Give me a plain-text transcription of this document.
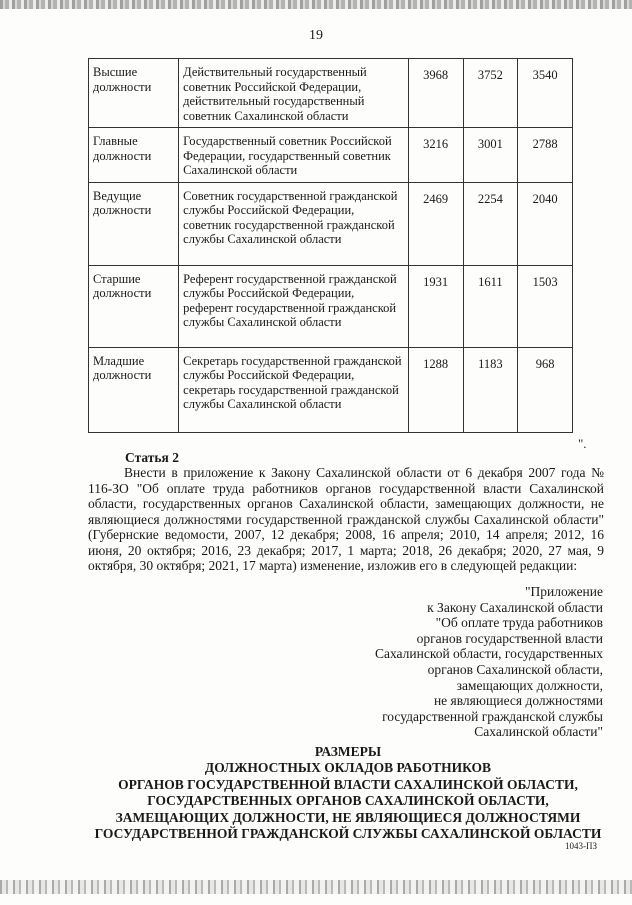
19
Высшие должности	Действительный государственный советник Российской Федерации, действительный государственный советник Сахалинской области	3968	3752	3540
Главные должности	Государственный советник Российской Федерации, государственный советник Сахалинской области	3216	3001	2788
Ведущие должности	Советник государственной гражданской службы Российской Федерации, советник государственной гражданской службы Сахалинской области	2469	2254	2040
Старшие должности	Референт государственной гражданской службы Российской Федерации, референт государственной гражданской службы Сахалинской области	1931	1611	1503
Младшие должности	Секретарь государственной гражданской службы Российской Федерации, секретарь государственной гражданской службы Сахалинской области	1288	1183	968
".
Статья 2

Внести в приложение к Закону Сахалинской области от 6 декабря 2007 года № 116-ЗО "Об оплате труда работников органов государственной власти Сахалинской области, государственных органов Сахалинской области, замещающих должности, не являющиеся должностями государственной гражданской службы Сахалинской области" (Губернские ведомости, 2007, 12 декабря; 2008, 16 апреля; 2010, 14 апреля; 2012, 16 июня, 20 октября; 2016, 23 декабря; 2017, 1 марта; 2018, 26 декабря; 2020, 27 мая, 9 октября, 30 октября; 2021, 17 марта) изменение, изложив его в следующей редакции:

"Приложение
к Закону Сахалинской области
"Об оплате труда работников
органов государственной власти
Сахалинской области, государственных
органов Сахалинской области,
замещающих должности,
не являющиеся должностями
государственной гражданской службы
Сахалинской области"
РАЗМЕРЫ
ДОЛЖНОСТНЫХ ОКЛАДОВ РАБОТНИКОВ
ОРГАНОВ ГОСУДАРСТВЕННОЙ ВЛАСТИ САХАЛИНСКОЙ ОБЛАСТИ,
ГОСУДАРСТВЕННЫХ ОРГАНОВ САХАЛИНСКОЙ ОБЛАСТИ,
ЗАМЕЩАЮЩИХ ДОЛЖНОСТИ, НЕ ЯВЛЯЮЩИЕСЯ ДОЛЖНОСТЯМИ
ГОСУДАРСТВЕННОЙ ГРАЖДАНСКОЙ СЛУЖБЫ САХАЛИНСКОЙ ОБЛАСТИ
1043-ПЗ
